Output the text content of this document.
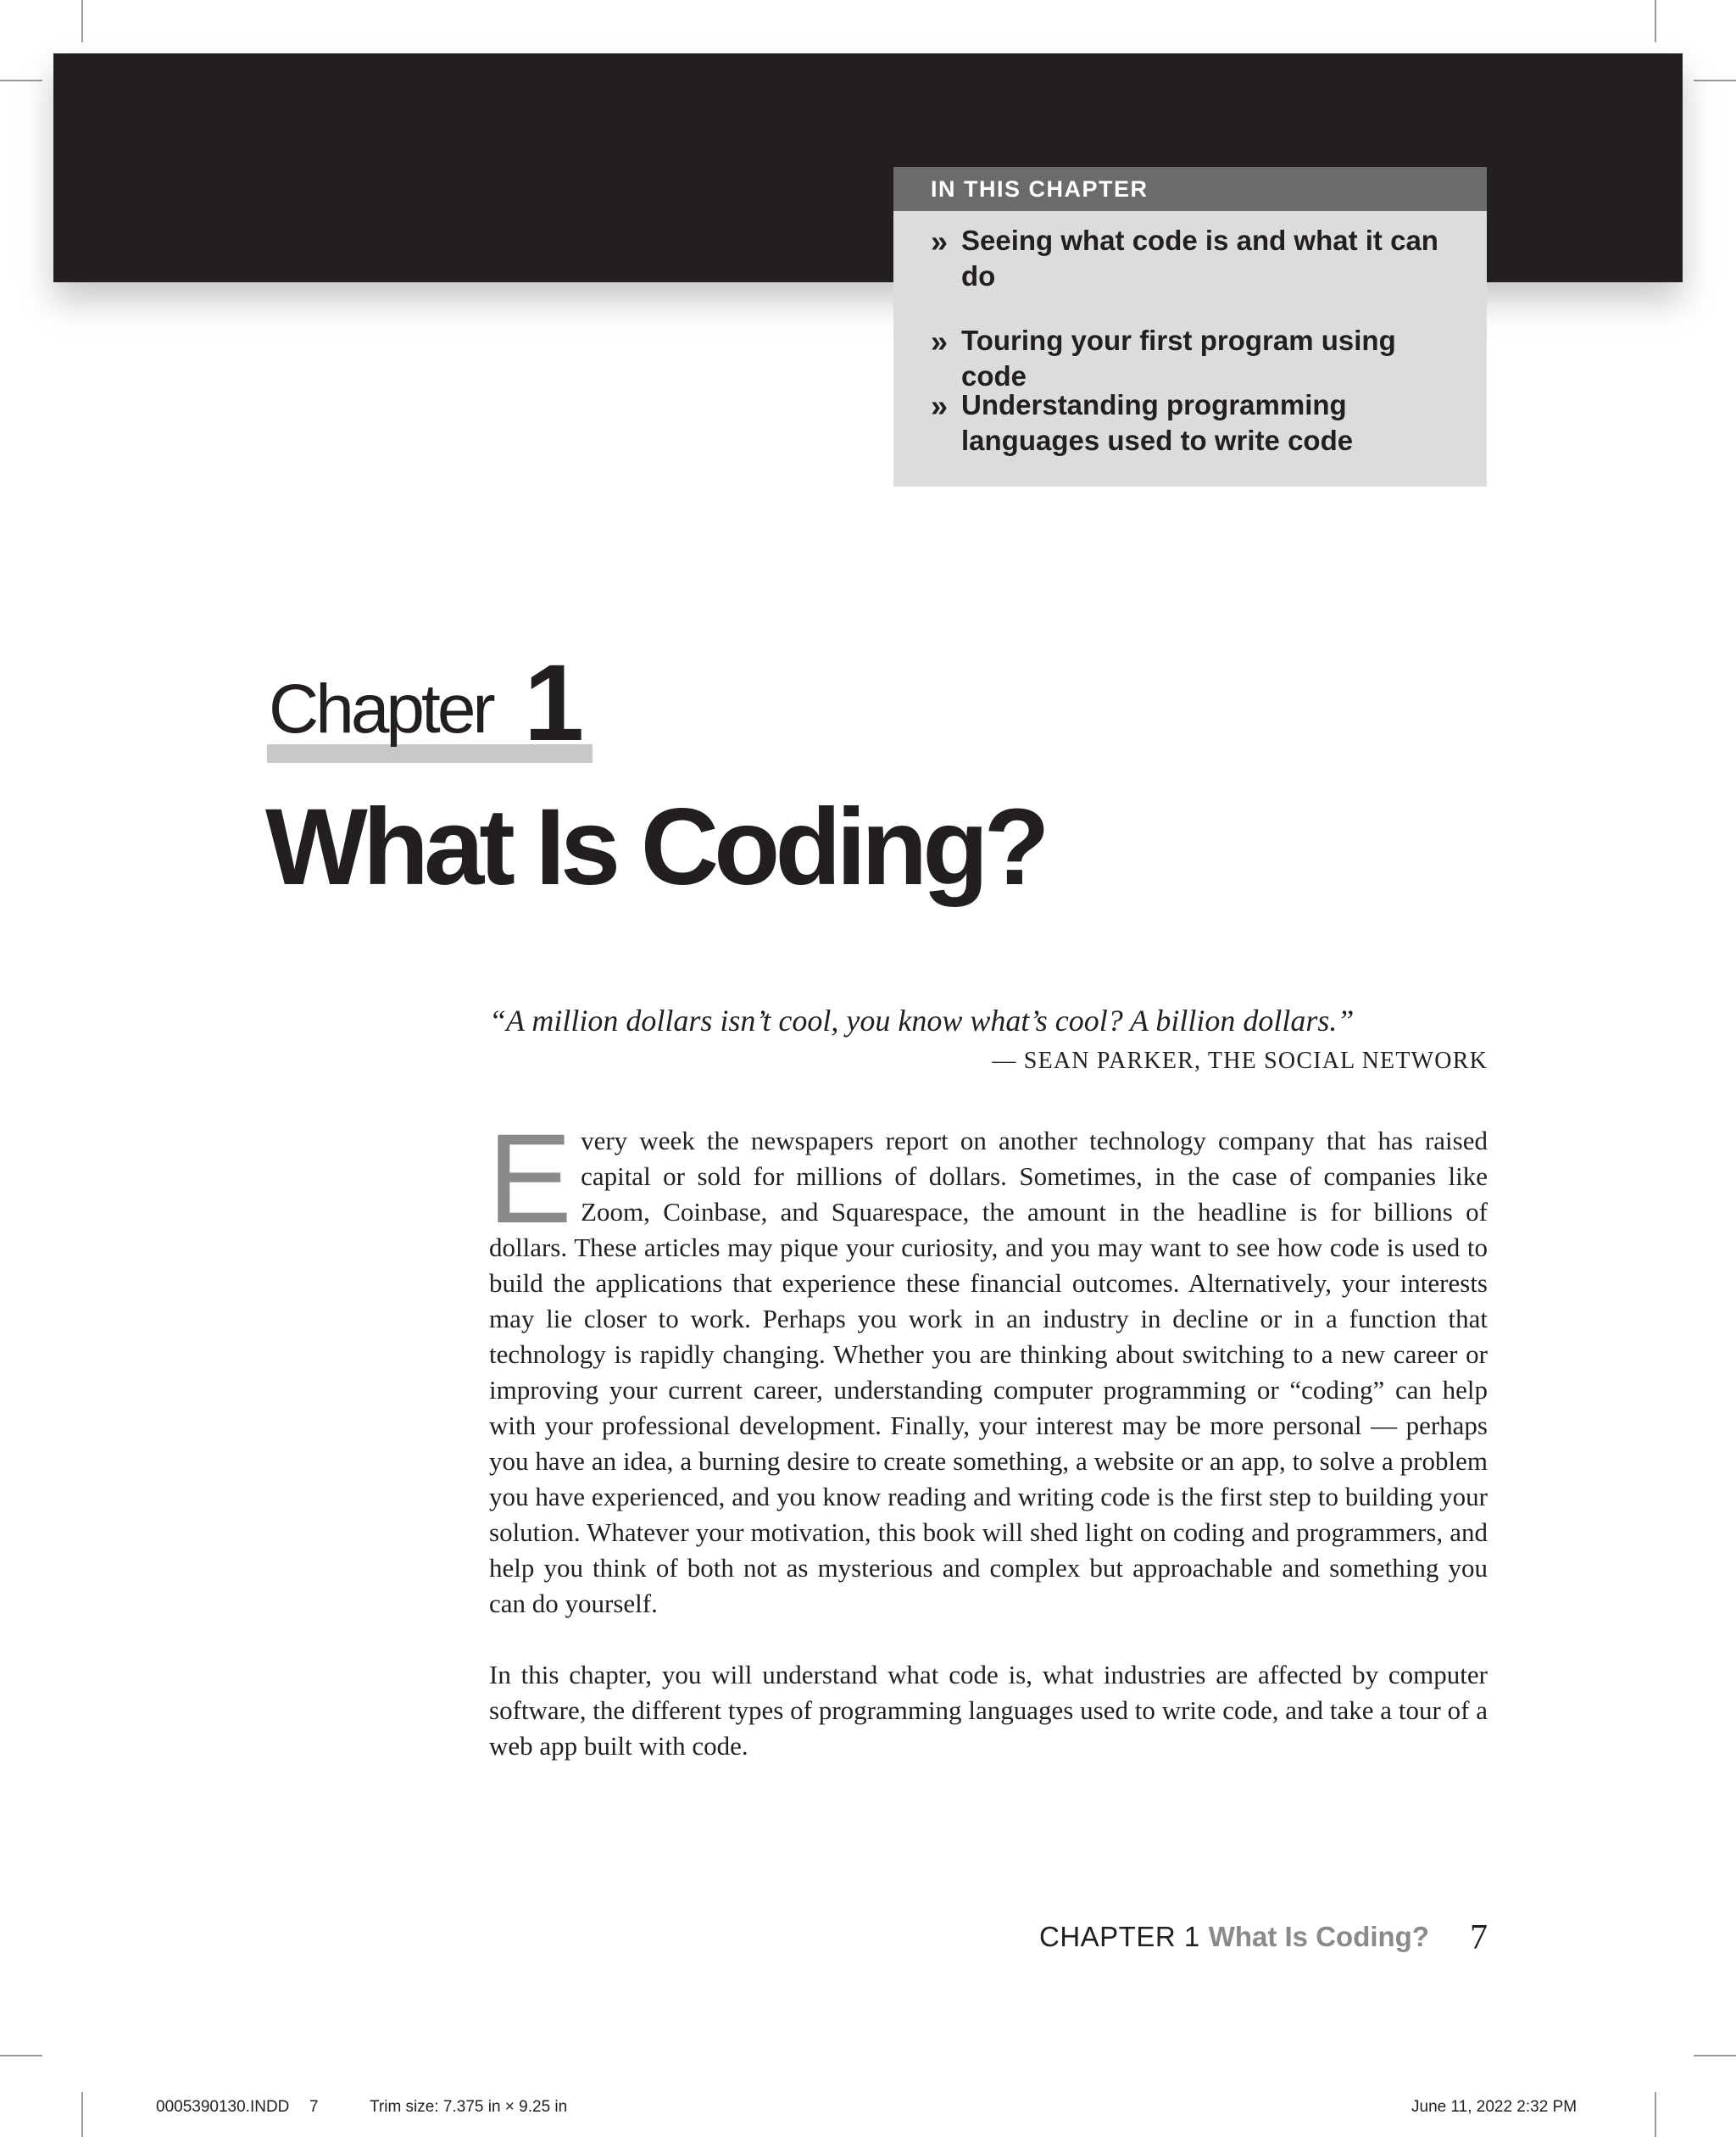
IN THIS CHAPTER
» Seeing what code is and what it can do
» Touring your first program using code
» Understanding programming languages used to write code
Chapter 1
What Is Coding?
“A million dollars isn’t cool, you know what’s cool? A billion dollars.”
— SEAN PARKER, THE SOCIAL NETWORK

Every week the newspapers report on another technology company that has raised capital or sold for millions of dollars. Sometimes, in the case of companies like Zoom, Coinbase, and Squarespace, the amount in the headline is for billions of dollars. These articles may pique your curiosity, and you may want to see how code is used to build the applications that experience these financial outcomes. Alternatively, your interests may lie closer to work. Perhaps you work in an industry in decline or in a function that technology is rapidly changing. Whether you are thinking about switching to a new career or improving your current career, understanding computer programming or “coding” can help with your professional development. Finally, your interest may be more personal — perhaps you have an idea, a burning desire to create something, a website or an app, to solve a problem you have experienced, and you know reading and writing code is the first step to building your solution. Whatever your motivation, this book will shed light on coding and programmers, and help you think of both not as mysterious and complex but approachable and something you can do yourself.

In this chapter, you will understand what code is, what industries are affected by computer software, the different types of programming languages used to write code, and take a tour of a web app built with code.

CHAPTER 1 What Is Coding? 7
0005390130.INDD 7	Trim size: 7.375 in × 9.25 in	June 11, 2022 2:32 PM
